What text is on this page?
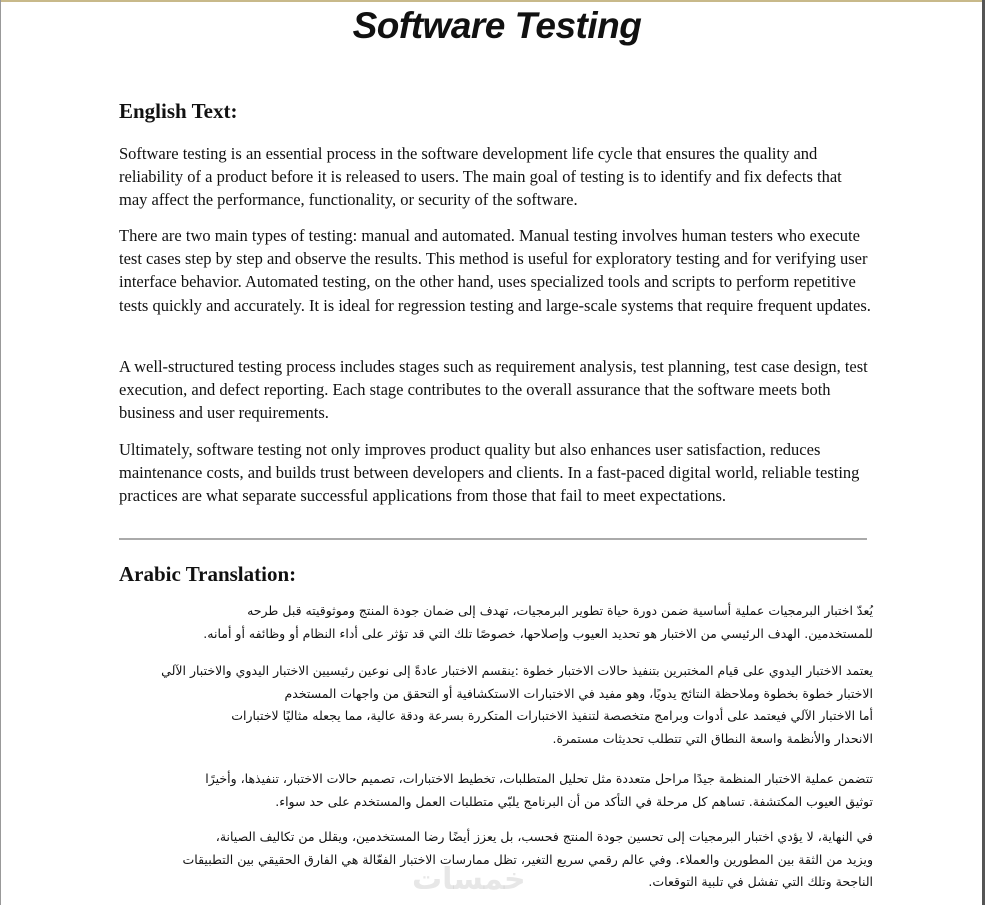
Software Testing
English Text:

Software testing is an essential process in the software development life cycle that ensures the quality and reliability of a product before it is released to users. The main goal of testing is to identify and fix defects that may affect the performance, functionality, or security of the software.

There are two main types of testing: manual and automated. Manual testing involves human testers who execute test cases step by step and observe the results. This method is useful for exploratory testing and for verifying user interface behavior. Automated testing, on the other hand, uses specialized tools and scripts to perform repetitive tests quickly and accurately. It is ideal for regression testing and large-scale systems that require frequent updates.

A well-structured testing process includes stages such as requirement analysis, test planning, test case design, test execution, and defect reporting. Each stage contributes to the overall assurance that the software meets both business and user requirements.

Ultimately, software testing not only improves product quality but also enhances user satisfaction, reduces maintenance costs, and builds trust between developers and clients. In a fast-paced digital world, reliable testing practices are what separate successful applications from those that fail to meet expectations.

Arabic Translation:
يُعدّ اختبار البرمجيات عملية أساسية ضمن دورة حياة تطوير البرمجيات، تهدف إلى ضمان جودة المنتج وموثوقيته قبل طرحه
للمستخدمين. الهدف الرئيسي من الاختبار هو تحديد العيوب وإصلاحها، خصوصًا تلك التي قد تؤثر على أداء النظام أو وظائفه أو أمانه.
يعتمد الاختبار اليدوي على قيام المختبرين بتنفيذ حالات الاختبار خطوة :ينقسم الاختبار عادةً إلى نوعين رئيسيين الاختبار اليدوي والاختبار الآلي
الاختبار خطوة بخطوة وملاحظة النتائج يدويًا، وهو مفيد في الاختبارات الاستكشافية أو التحقق من واجهات المستخدم
أما الاختبار الآلي فيعتمد على أدوات وبرامج متخصصة لتنفيذ الاختبارات المتكررة بسرعة ودقة عالية، مما يجعله مثاليًا لاختبارات
الانحدار والأنظمة واسعة النطاق التي تتطلب تحديثات مستمرة.
تتضمن عملية الاختبار المنظمة جيدًا مراحل متعددة مثل تحليل المتطلبات، تخطيط الاختبارات، تصميم حالات الاختبار، تنفيذها، وأخيرًا
توثيق العيوب المكتشفة. تساهم كل مرحلة في التأكد من أن البرنامج يلبّي متطلبات العمل والمستخدم على حد سواء.
في النهاية، لا يؤدي اختبار البرمجيات إلى تحسين جودة المنتج فحسب، بل يعزز أيضًا رضا المستخدمين، ويقلل من تكاليف الصيانة،
ويزيد من الثقة بين المطورين والعملاء. وفي عالم رقمي سريع التغير، تظل ممارسات الاختبار الفعّالة هي الفارق الحقيقي بين التطبيقات
الناجحة وتلك التي تفشل في تلبية التوقعات.
خمسات
